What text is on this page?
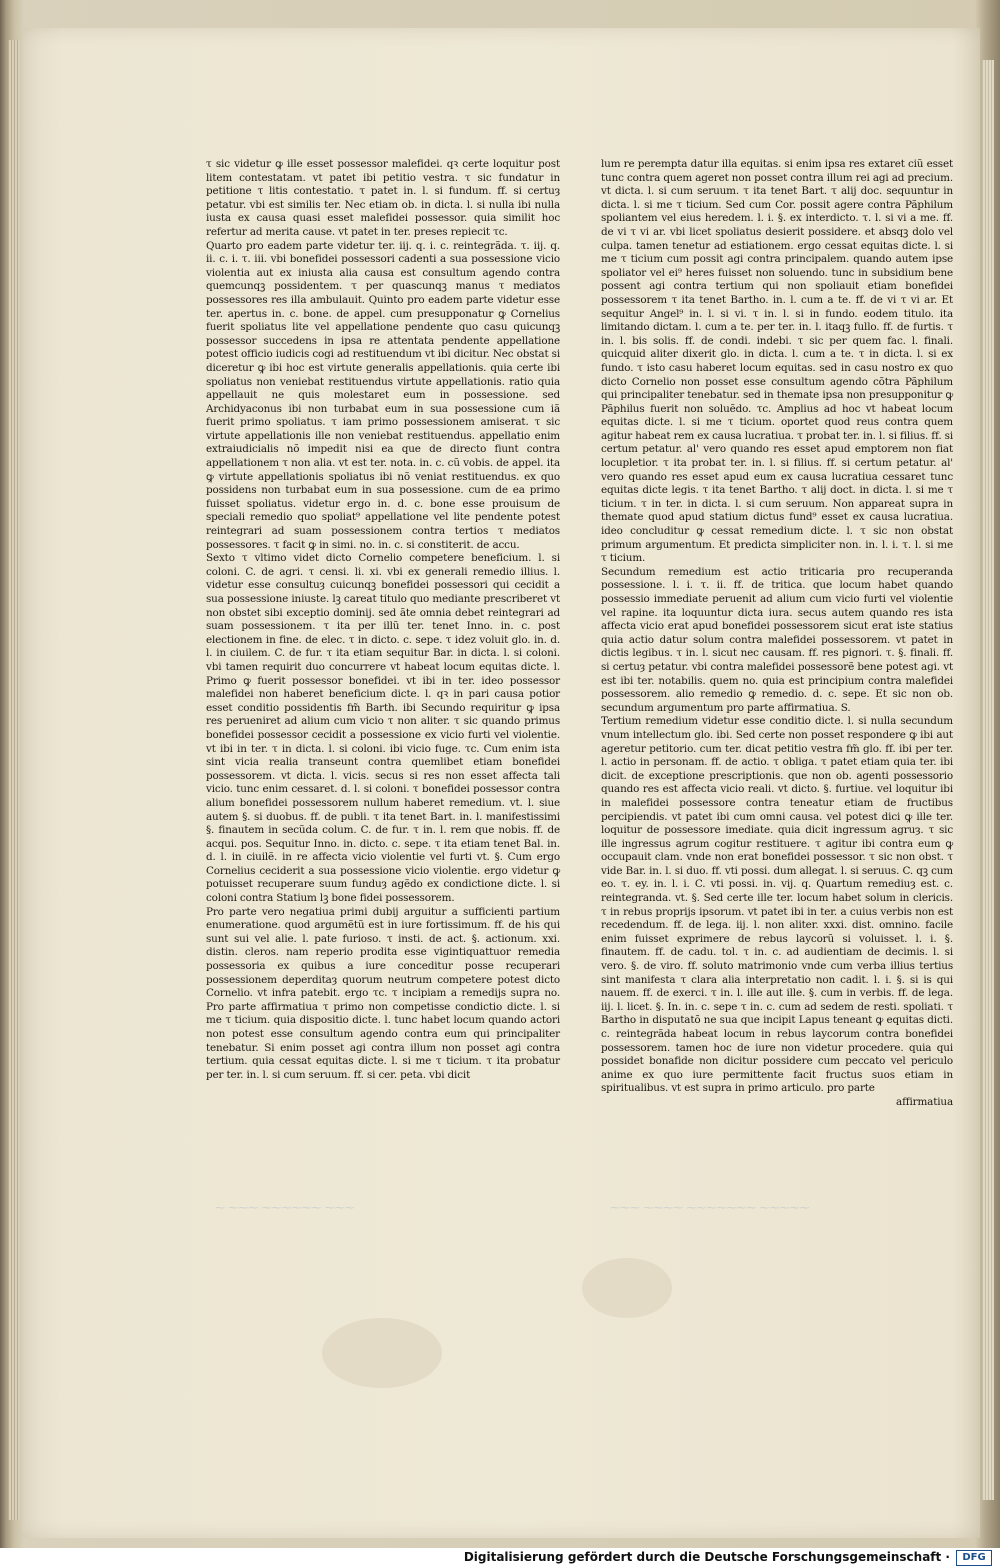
⁓ ⁓⁓⁓ ⁓⁓⁓⁓⁓⁓ ⁓⁓⁓	⁓⁓⁓ ⁓⁓⁓⁓ ⁓⁓⁓⁓⁓⁓⁓ ⁓⁓⁓⁓⁓

τ sic videtur ꝙ ille esset possessor malefidei. qꝛ certe loquitur post litem contestatam. vt patet ibi petitio vestra. τ sic fundatur in petitione τ litis contestatio. τ patet in. l. si fundum. ff. si certuȝ petatur. vbi est similis ter. Nec etiam ob. in dicta. l. si nulla ibi nulla iusta ex causa quasi esset malefidei possessor. quia similit hoc refertur ad merita cause. vt patet in ter. preses repiecit τc.

Quarto pro eadem parte videtur ter. iij. q. i. c. reintegrãda. τ. iij. q. ii. c. i. τ. iii. vbi bonefidei possessori cadenti a sua possessione vicio violentia aut ex iniusta alia causa est consultum agendo contra quemcunqꝫ possidentem. τ per quascunqꝫ manus τ mediatos possessores res illa ambulauit. Quinto pro eadem parte videtur esse ter. apertus in. c. bone. de appel. cum presupponatur ꝙ Cornelius fuerit spoliatus lite vel appellatione pendente quo casu quicunqꝫ possessor succedens in ipsa re attentata pendente appellatione potest officio iudicis cogi ad restituendum vt ibi dicitur. Nec obstat si diceretur ꝙ ibi hoc est virtute generalis appellationis. quia certe ibi spoliatus non veniebat restituendus virtute appellationis. ratio quia appellauit ne quis molestaret eum in possessione. sed Archidyaconus ibi non turbabat eum in sua possessione cum iã fuerit primo spoliatus. τ iam primo possessionem amiserat. τ sic virtute appellationis ille non veniebat restituendus. appellatio enim extraiudicialis nõ impedit nisi ea que de directo fiunt contra appellationem τ non alia. vt est ter. nota. in. c. cũ vobis. de appel. ita ꝙ virtute appellationis spoliatus ibi nõ veniat restituendus. ex quo possidens non turbabat eum in sua possessione. cum de ea primo fuisset spoliatus. videtur ergo in. d. c. bone esse prouisum de speciali remedio quo spoliat⁹ appellatione vel lite pendente potest reintegrari ad suam possessionem contra tertios τ mediatos possessores. τ facit ꝙ in simi. no. in. c. si constiterit. de accu.

Sexto τ vltimo videt dicto Cornelio competere beneficium. l. si coloni. C. de agri. τ censi. li. xi. vbi ex generali remedio illius. l. videtur esse consultuȝ cuicunqꝫ bonefidei possessori qui cecidit a sua possessione iniuste. lꝫ careat titulo quo mediante prescriberet vt non obstet sibi exceptio dominij. sed ãte omnia debet reintegrari ad suam possessionem. τ ita per illũ ter. tenet Inno. in. c. post electionem in fine. de elec. τ in dicto. c. sepe. τ idez voluit glo. in. d. l. in ciuilem. C. de fur. τ ita etiam sequitur Bar. in dicta. l. si coloni. vbi tamen requirit duo concurrere vt habeat locum equitas dicte. l. Primo ꝙ fuerit possessor bonefidei. vt ibi in ter. ideo possessor malefidei non haberet beneficium dicte. l. qꝛ in pari causa potior esset conditio possidentis fm̃ Barth. ibi Secundo requiritur ꝙ ipsa res perueniret ad alium cum vicio τ non aliter. τ sic quando primus bonefidei possessor cecidit a possessione ex vicio furti vel violentie. vt ibi in ter. τ in dicta. l. si coloni. ibi vicio fuge. τc. Cum enim ista sint vicia realia transeunt contra quemlibet etiam bonefidei possessorem. vt dicta. l. vicis. secus si res non esset affecta tali vicio. tunc enim cessaret. d. l. si coloni. τ bonefidei possessor contra alium bonefidei possessorem nullum haberet remedium. vt. l. siue autem §. si duobus. ff. de publi. τ ita tenet Bart. in. l. manifestissimi §. finautem in secũda colum. C. de fur. τ in. l. rem que nobis. ff. de acqui. pos. Sequitur Inno. in. dicto. c. sepe. τ ita etiam tenet Bal. in. d. l. in ciuilẽ. in re affecta vicio violentie vel furti vt. §. Cum ergo Cornelius ceciderit a sua possessione vicio violentie. ergo videtur ꝙ potuisset recuperare suum funduȝ agẽdo ex condictione dicte. l. si coloni contra Statium lꝫ bone fidei possessorem.

Pro parte vero negatiua primi dubij arguitur a sufficienti partium enumeratione. quod argumẽtũ est in iure fortissimum. ff. de his qui sunt sui vel alie. l. pate furioso. τ insti. de act. §. actionum. xxi. distin. cleros. nam reperio prodita esse vigintiquattuor remedia possessoria ex quibus a iure conceditur posse recuperari possessionem deperditaȝ quorum neutrum competere potest dicto Cornelio. vt infra patebit. ergo τc. τ incipiam a remedijs supra no. Pro parte affirmatiua τ primo non competisse condictio dicte. l. si me τ ticium. quia dispositio dicte. l. tunc habet locum quando actori non potest esse consultum agendo contra eum qui principaliter tenebatur. Si enim posset agi contra illum non posset agi contra tertium. quia cessat equitas dicte. l. si me τ ticium. τ ita probatur per ter. in. l. si cum seruum. ff. si cer. peta. vbi dicit

lum re perempta datur illa equitas. si enim ipsa res extaret ciũ esset tunc contra quem ageret non posset contra illum rei agi ad precium. vt dicta. l. si cum seruum. τ ita tenet Bart. τ alij doc. sequuntur in dicta. l. si me τ ticium. Sed cum Cor. possit agere contra Pãphilum spoliantem vel eius heredem. l. i. §. ex interdicto. τ. l. si vi a me. ff. de vi τ vi ar. vbi licet spoliatus desierit possidere. et absqꝫ dolo vel culpa. tamen tenetur ad estiationem. ergo cessat equitas dicte. l. si me τ ticium cum possit agi contra principalem. quando autem ipse spoliator vel ei⁹ heres fuisset non soluendo. tunc in subsidium bene possent agi contra tertium qui non spoliauit etiam bonefidei possessorem τ ita tenet Bartho. in. l. cum a te. ff. de vi τ vi ar. Et sequitur Angel⁹ in. l. si vi. τ in. l. si in fundo. eodem titulo. ita limitando dictam. l. cum a te. per ter. in. l. itaqꝫ fullo. ff. de furtis. τ in. l. bis solis. ff. de condi. indebi. τ sic per quem fac. l. finali. quicquid aliter dixerit glo. in dicta. l. cum a te. τ in dicta. l. si ex fundo. τ isto casu haberet locum equitas. sed in casu nostro ex quo dicto Cornelio non posset esse consultum agendo cõtra Pãphilum qui principaliter tenebatur. sed in themate ipsa non presupponitur ꝙ Pãphilus fuerit non soluẽdo. τc. Amplius ad hoc vt habeat locum equitas dicte. l. si me τ ticium. oportet quod reus contra quem agitur habeat rem ex causa lucratiua. τ probat ter. in. l. si filius. ff. si certum petatur. al' vero quando res esset apud emptorem non fiat locupletior. τ ita probat ter. in. l. si filius. ff. si certum petatur. al' vero quando res esset apud eum ex causa lucratiua cessaret tunc equitas dicte legis. τ ita tenet Bartho. τ alij doct. in dicta. l. si me τ ticium. τ in ter. in dicta. l. si cum seruum. Non appareat supra in themate quod apud statium dictus fund⁹ esset ex causa lucratiua. ideo concluditur ꝙ cessat remedium dicte. l. τ sic non obstat primum argumentum. Et predicta simpliciter non. in. l. i. τ. l. si me τ ticium.

Secundum remedium est actio triticaria pro recuperanda possessione. l. i. τ. ii. ff. de tritica. que locum habet quando possessio immediate peruenit ad alium cum vicio furti vel violentie vel rapine. ita loquuntur dicta iura. secus autem quando res ista affecta vicio erat apud bonefidei possessorem sicut erat iste statius quia actio datur solum contra malefidei possessorem. vt patet in dictis legibus. τ in. l. sicut nec causam. ff. res pignori. τ. §. finali. ff. si certuȝ petatur. vbi contra malefidei possessorẽ bene potest agi. vt est ibi ter. notabilis. quem no. quia est principium contra malefidei possessorem. alio remedio ꝙ remedio. d. c. sepe. Et sic non ob. secundum argumentum pro parte affirmatiua. S.

Tertium remedium videtur esse conditio dicte. l. si nulla secundum vnum intellectum glo. ibi. Sed certe non posset respondere ꝙ ibi aut ageretur petitorio. cum ter. dicat petitio vestra fm̃ glo. ff. ibi per ter. l. actio in personam. ff. de actio. τ obliga. τ patet etiam quia ter. ibi dicit. de exceptione prescriptionis. que non ob. agenti possessorio quando res est affecta vicio reali. vt dicto. §. furtiue. vel loquitur ibi in malefidei possessore contra teneatur etiam de fructibus percipiendis. vt patet ibi cum omni causa. vel potest dici ꝙ ille ter. loquitur de possessore imediate. quia dicit ingressum agruȝ. τ sic ille ingressus agrum cogitur restituere. τ agitur ibi contra eum ꝙ occupauit clam. vnde non erat bonefidei possessor. τ sic non obst. τ vide Bar. in. l. si duo. ff. vti possi. dum allegat. l. si seruus. C. qꝫ cum eo. τ. ey. in. l. i. C. vti possi. in. vij. q. Quartum remediuȝ est. c. reintegranda. vt. §. Sed certe ille ter. locum habet solum in clericis. τ in rebus proprijs ipsorum. vt patet ibi in ter. a cuius verbis non est recedendum. ff. de lega. iij. l. non aliter. xxxi. dist. omnino. facile enim fuisset exprimere de rebus laycorũ si voluisset. l. i. §. finautem. ff. de cadu. tol. τ in. c. ad audientiam de decimis. l. si vero. §. de viro. ff. soluto matrimonio vnde cum verba illius tertius sint manifesta τ clara alia interpretatio non cadit. l. i. §. si is qui nauem. ff. de exerci. τ in. l. ille aut ille. §. cum in verbis. ff. de lega. iij. l. licet. §. In. in. c. sepe τ in. c. cum ad sedem de resti. spoliati. τ Bartho in disputatõ ne sua que incipit Lapus teneant ꝙ equitas dicti. c. reintegrãda habeat locum in rebus laycorum contra bonefidei possessorem. tamen hoc de iure non videtur procedere. quia qui possidet bonafide non dicitur possidere cum peccato vel periculo anime ex quo iure permittente facit fructus suos etiam in spiritualibus. vt est supra in primo articulo. pro parte

affirmatiua

Digitalisierung gefördert durch die Deutsche Forschungsgemeinschaft ·	DFG
